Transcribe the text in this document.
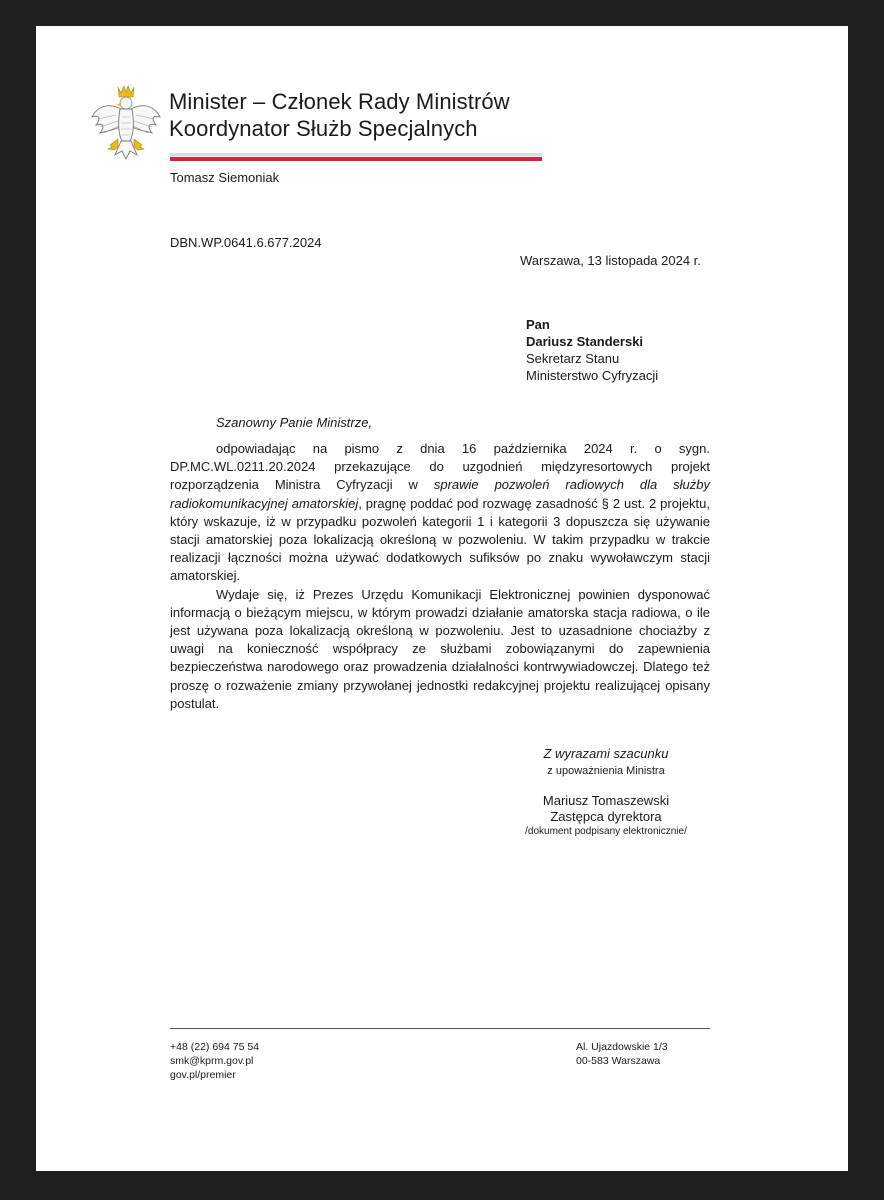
Minister – Członek Rady Ministrów
Koordynator Służb Specjalnych
Tomasz Siemoniak
DBN.WP.0641.6.677.2024
Warszawa, 13 listopada 2024 r.
Pan
Dariusz Standerski
Sekretarz Stanu
Ministerstwo Cyfryzacji
Szanowny Panie Ministrze,

odpowiadając na pismo z dnia 16 października 2024 r. o sygn. DP.MC.WL.0211.20.2024 przekazujące do uzgodnień międzyresortowych projekt rozporządzenia Ministra Cyfryzacji w sprawie pozwoleń radiowych dla służby radiokomunikacyjnej amatorskiej, pragnę poddać pod rozwagę zasadność § 2 ust. 2 projektu, który wskazuje, iż w przypadku pozwoleń kategorii 1 i kategorii 3 dopuszcza się używanie stacji amatorskiej poza lokalizacją określoną w pozwoleniu. W takim przypadku w trakcie realizacji łączności można używać dodatkowych sufiksów po znaku wywoławczym stacji amatorskiej.

Wydaje się, iż Prezes Urzędu Komunikacji Elektronicznej powinien dysponować informacją o bieżącym miejscu, w którym prowadzi działanie amatorska stacja radiowa, o ile jest używana poza lokalizacją określoną w pozwoleniu. Jest to uzasadnione chociażby z uwagi na konieczność współpracy ze służbami zobowiązanymi do zapewnienia bezpieczeństwa narodowego oraz prowadzenia działalności kontrwywiadowczej. Dlatego też proszę o rozważenie zmiany przywołanej jednostki redakcyjnej projektu realizującej opisany postulat.

Z wyrazami szacunku
z upoważnienia Ministra
Mariusz Tomaszewski
Zastępca dyrektora
/dokument podpisany elektronicznie/
+48 (22) 694 75 54
smk@kprm.gov.pl
gov.pl/premier
Al. Ujazdowskie 1/3
00-583 Warszawa
